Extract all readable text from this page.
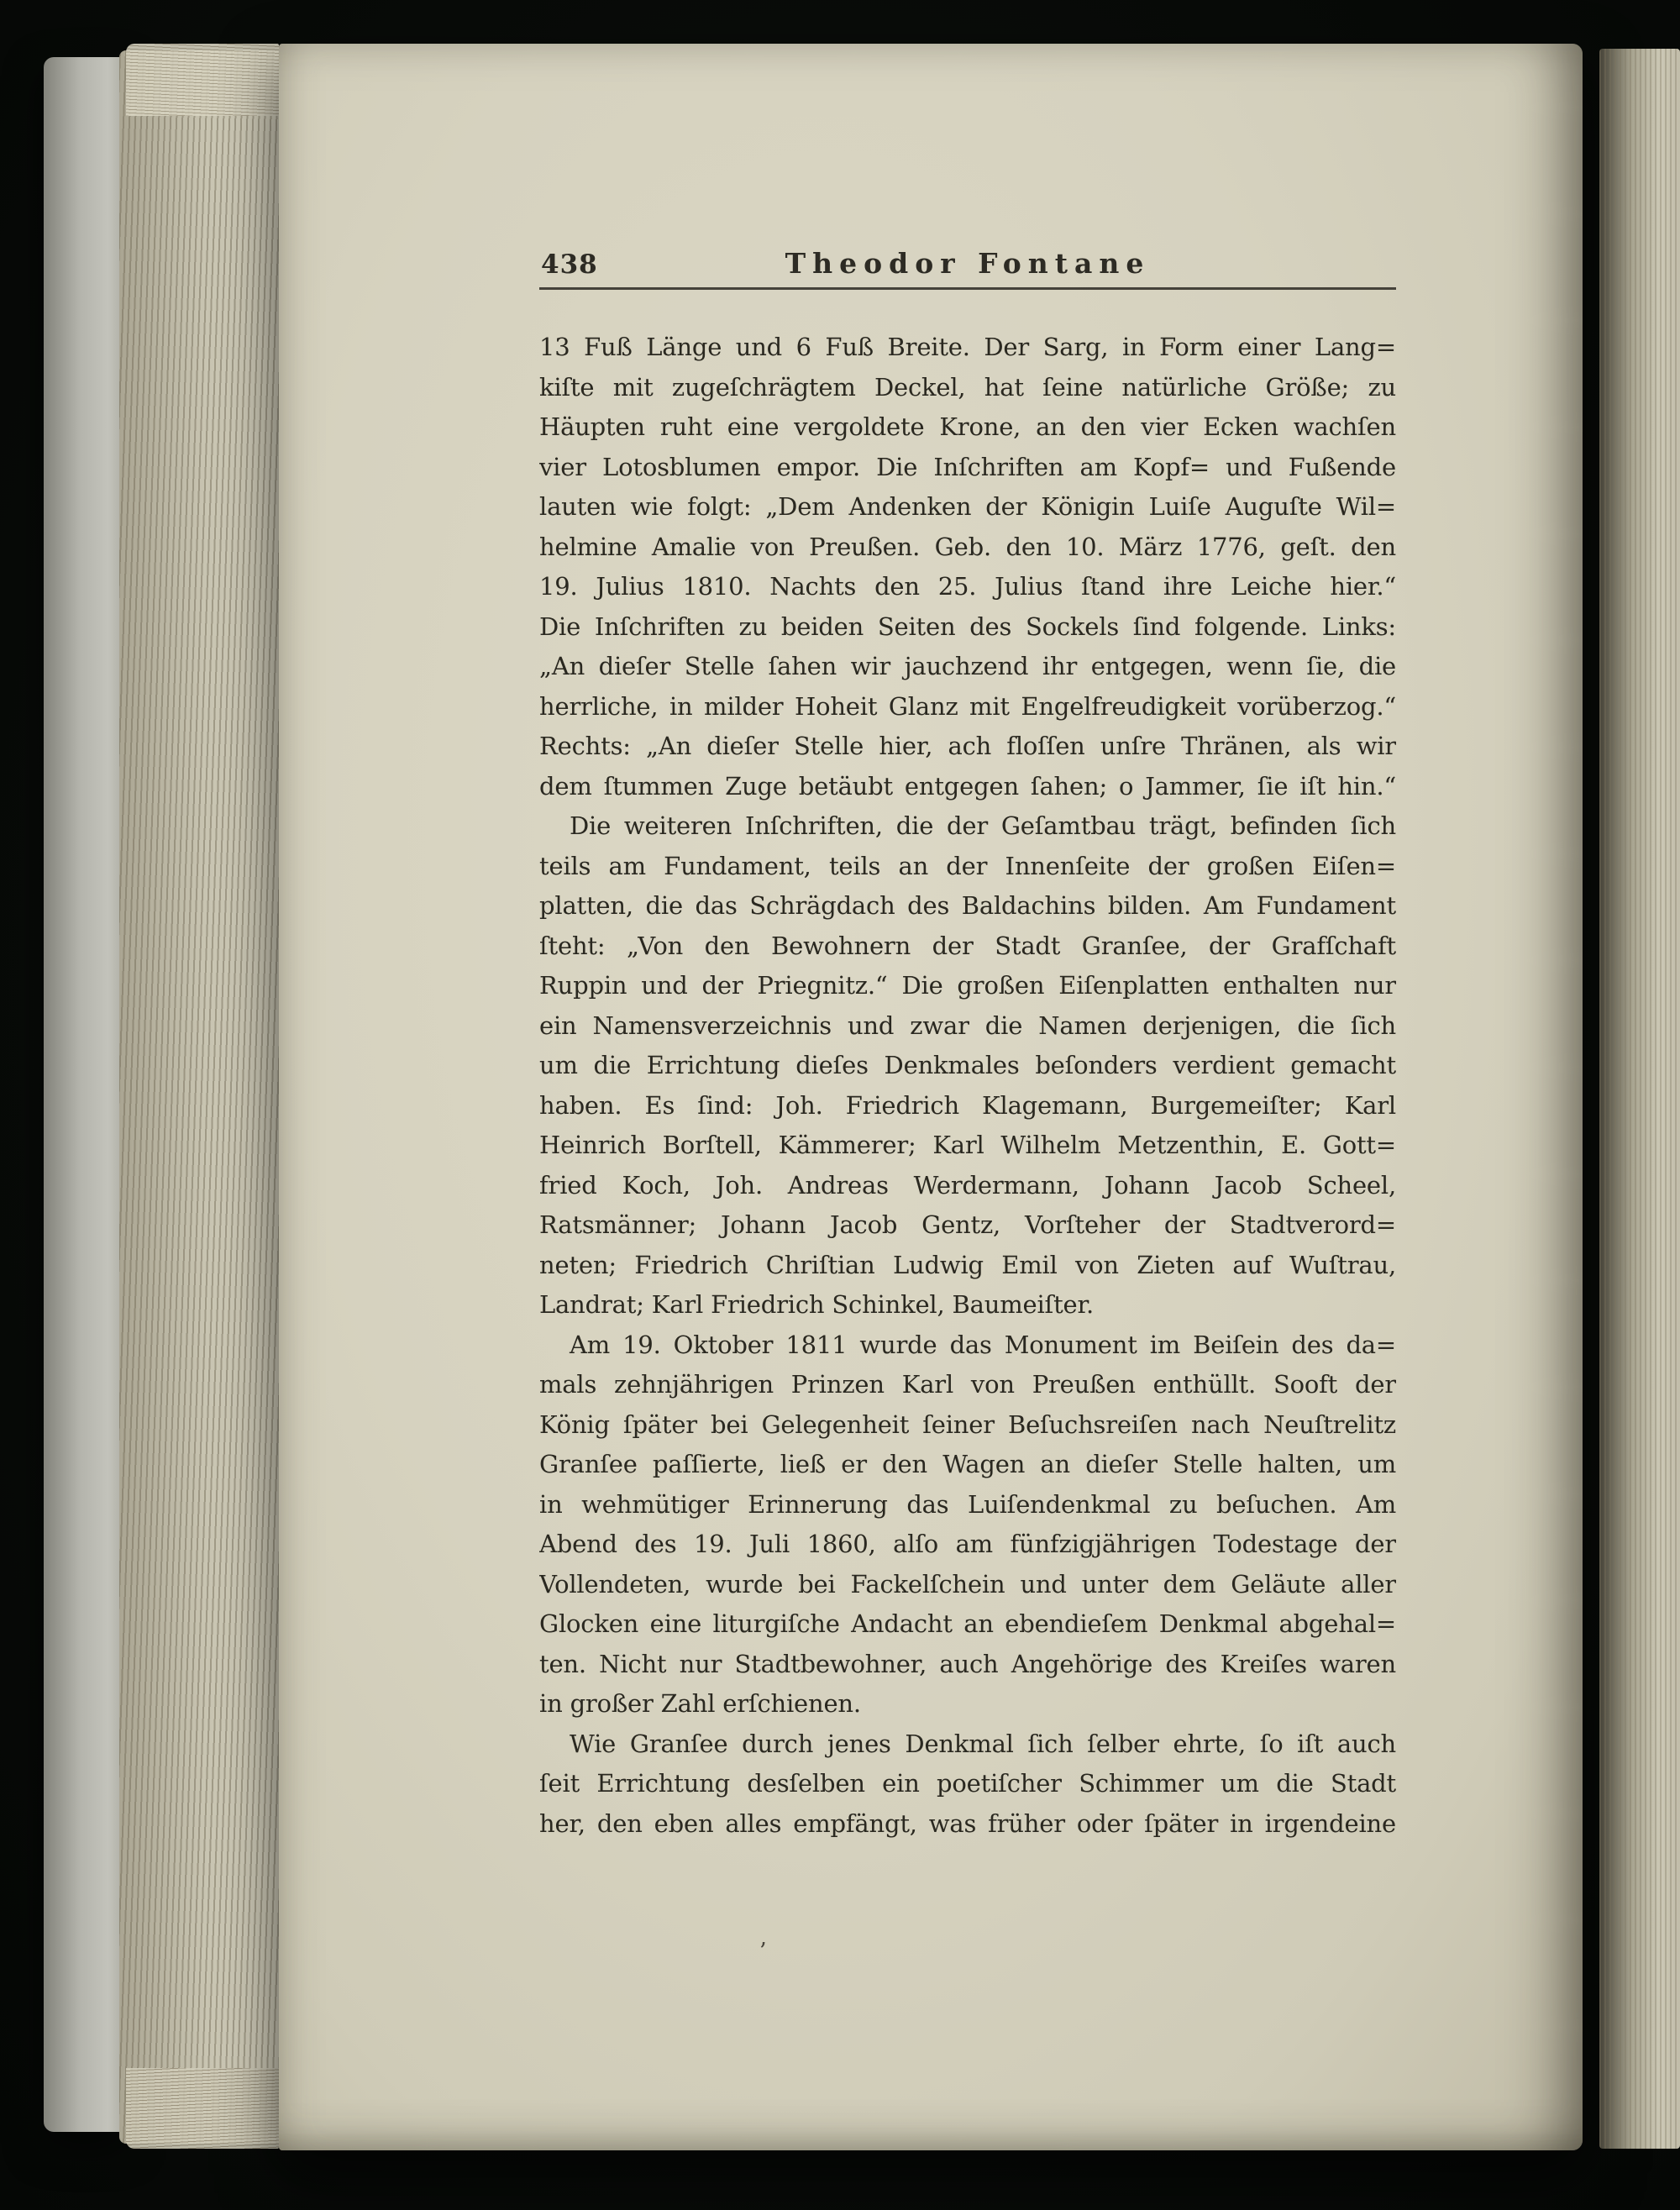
438	Theodor Fontane
13 Fuß Länge und 6 Fuß Breite. Der Sarg, in Form einer Lang=
kiſte mit zugeſchrägtem Deckel, hat ſeine natürliche Größe; zu
Häupten ruht eine vergoldete Krone, an den vier Ecken wachſen
vier Lotosblumen empor. Die Inſchriften am Kopf= und Fußende
lauten wie folgt: „Dem Andenken der Königin Luiſe Auguſte Wil=
helmine Amalie von Preußen. Geb. den 10. März 1776, geſt. den
19. Julius 1810. Nachts den 25. Julius ſtand ihre Leiche hier.“
Die Inſchriften zu beiden Seiten des Sockels ſind folgende. Links:
„An dieſer Stelle ſahen wir jauchzend ihr entgegen, wenn ſie, die
herrliche, in milder Hoheit Glanz mit Engelfreudigkeit vorüberzog.“
Rechts: „An dieſer Stelle hier, ach floſſen unſre Thränen, als wir
dem ſtummen Zuge betäubt entgegen ſahen; o Jammer, ſie iſt hin.“
Die weiteren Inſchriften, die der Geſamtbau trägt, befinden ſich
teils am Fundament, teils an der Innenſeite der großen Eiſen=
platten, die das Schrägdach des Baldachins bilden. Am Fundament
ſteht: „Von den Bewohnern der Stadt Granſee, der Grafſchaft
Ruppin und der Priegnitz.“ Die großen Eiſenplatten enthalten nur
ein Namensverzeichnis und zwar die Namen derjenigen, die ſich
um die Errichtung dieſes Denkmales beſonders verdient gemacht
haben. Es ſind: Joh. Friedrich Klagemann, Burgemeiſter; Karl
Heinrich Borſtell, Kämmerer; Karl Wilhelm Metzenthin, E. Gott=
fried Koch, Joh. Andreas Werdermann, Johann Jacob Scheel,
Ratsmänner; Johann Jacob Gentz, Vorſteher der Stadtverord=
neten; Friedrich Chriſtian Ludwig Emil von Zieten auf Wuſtrau,
Landrat; Karl Friedrich Schinkel, Baumeiſter.
Am 19. Oktober 1811 wurde das Monument im Beiſein des da=
mals zehnjährigen Prinzen Karl von Preußen enthüllt. Sooft der
König ſpäter bei Gelegenheit ſeiner Beſuchsreiſen nach Neuſtrelitz
Granſee paſſierte, ließ er den Wagen an dieſer Stelle halten, um
in wehmütiger Erinnerung das Luiſendenkmal zu beſuchen. Am
Abend des 19. Juli 1860, alſo am fünfzigjährigen Todestage der
Vollendeten, wurde bei Fackelſchein und unter dem Geläute aller
Glocken eine liturgiſche Andacht an ebendieſem Denkmal abgehal=
ten. Nicht nur Stadtbewohner, auch Angehörige des Kreiſes waren
in großer Zahl erſchienen.
Wie Granſee durch jenes Denkmal ſich ſelber ehrte, ſo iſt auch
ſeit Errichtung desſelben ein poetiſcher Schimmer um die Stadt
her, den eben alles empfängt, was früher oder ſpäter in irgendeine
’
